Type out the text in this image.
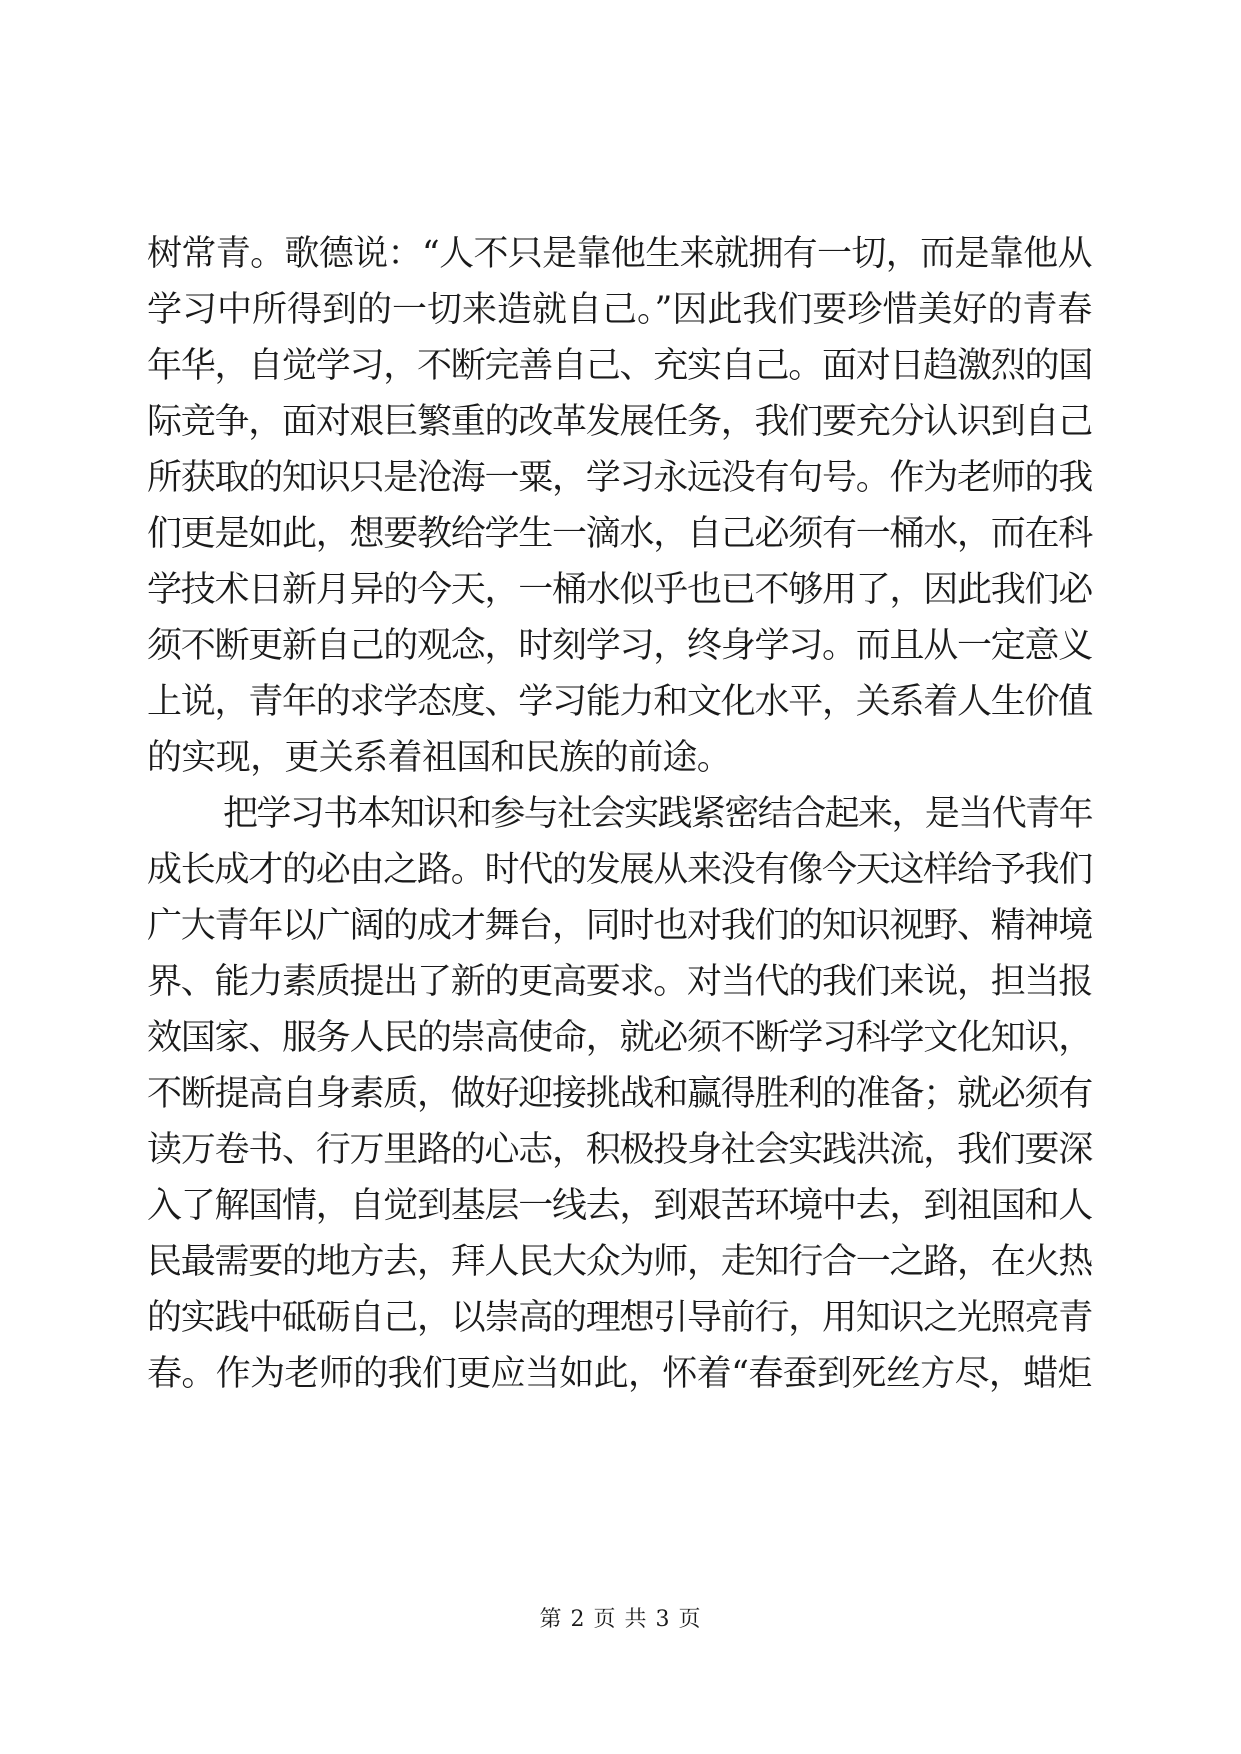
树常青。歌德说：“人不只是靠他生来就拥有一切，而是靠他从
学习中所得到的一切来造就自己。”因此我们要珍惜美好的青春
年华，自觉学习，不断完善自己、充实自己。面对日趋激烈的国
际竞争，面对艰巨繁重的改革发展任务，我们要充分认识到自己
所获取的知识只是沧海一粟，学习永远没有句号。作为老师的我
们更是如此，想要教给学生一滴水，自己必须有一桶水，而在科
学技术日新月异的今天，一桶水似乎也已不够用了，因此我们必
须不断更新自己的观念，时刻学习，终身学习。而且从一定意义
上说，青年的求学态度、学习能力和文化水平，关系着人生价值
的实现，更关系着祖国和民族的前途。
把学习书本知识和参与社会实践紧密结合起来，是当代青年
成长成才的必由之路。时代的发展从来没有像今天这样给予我们
广大青年以广阔的成才舞台，同时也对我们的知识视野、精神境
界、能力素质提出了新的更高要求。对当代的我们来说，担当报
效国家、服务人民的崇高使命，就必须不断学习科学文化知识，
不断提高自身素质，做好迎接挑战和赢得胜利的准备；就必须有
读万卷书、行万里路的心志，积极投身社会实践洪流，我们要深
入了解国情，自觉到基层一线去，到艰苦环境中去，到祖国和人
民最需要的地方去，拜人民大众为师，走知行合一之路，在火热
的实践中砥砺自己，以崇高的理想引导前行，用知识之光照亮青
春。作为老师的我们更应当如此，怀着“春蚕到死丝方尽，蜡炬
第 2 页 共 3 页
